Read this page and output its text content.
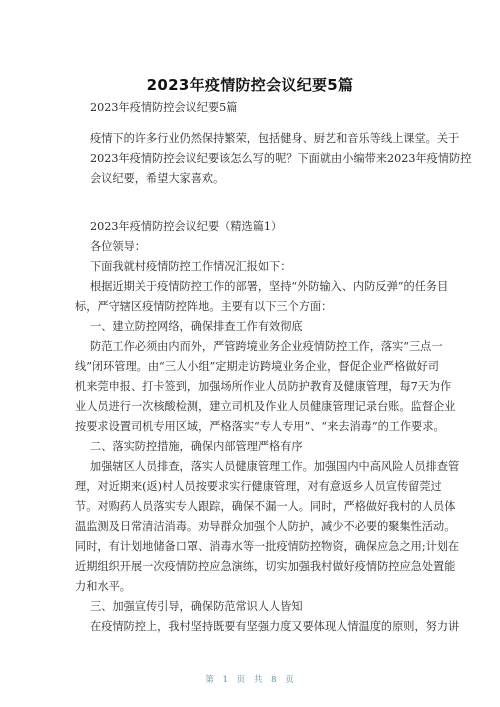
2023年疫情防控会议纪要5篇
2023年疫情防控会议纪要5篇
疫情下的许多行业仍然保持繁荣，包括健身、厨艺和音乐等线上课堂。关于
2023年疫情防控会议纪要该怎么写的呢？下面就由小编带来2023年疫情防控
会议纪要，希望大家喜欢。
2023年疫情防控会议纪要（精选篇1）
各位领导：
下面我就村疫情防控工作情况汇报如下：
根据近期关于疫情防控工作的部署，坚持“外防输入、内防反弹”的任务目
标，严守辖区疫情防控阵地。主要有以下三个方面：
一、建立防控网络，确保排查工作有效彻底
防范工作必须由内而外，严管跨境业务企业疫情防控工作，落实“三点一
线”闭环管理。由“三人小组”定期走访跨境业务企业，督促企业严格做好司
机来莞申报、打卡签到，加强场所作业人员防护教育及健康管理，每7天为作
业人员进行一次核酸检测，建立司机及作业人员健康管理记录台账。监督企业
按要求设置司机专用区域，严格落实“专人专用”、“来去消毒”的工作要求。
二、落实防控措施，确保内部管理严格有序
加强辖区人员排查，落实人员健康管理工作。加强国内中高风险人员排查管
理，对近期来(返)村人员按要求实行健康管理，对有意返乡人员宣传留莞过
节。对购药人员落实专人跟踪，确保不漏一人。同时，严格做好我村的人员体
温监测及日常清洁消毒。劝导群众加强个人防护，减少不必要的聚集性活动。
同时，有计划地储备口罩、消毒水等一批疫情防控物资，确保应急之用;计划在
近期组织开展一次疫情防控应急演练，切实加强我村做好疫情防控应急处置能
力和水平。
三、加强宣传引导，确保防范常识人人皆知
在疫情防控上，我村坚持既要有坚强力度又要体现人情温度的原则，努力讲
第 1 页 共 8 页
